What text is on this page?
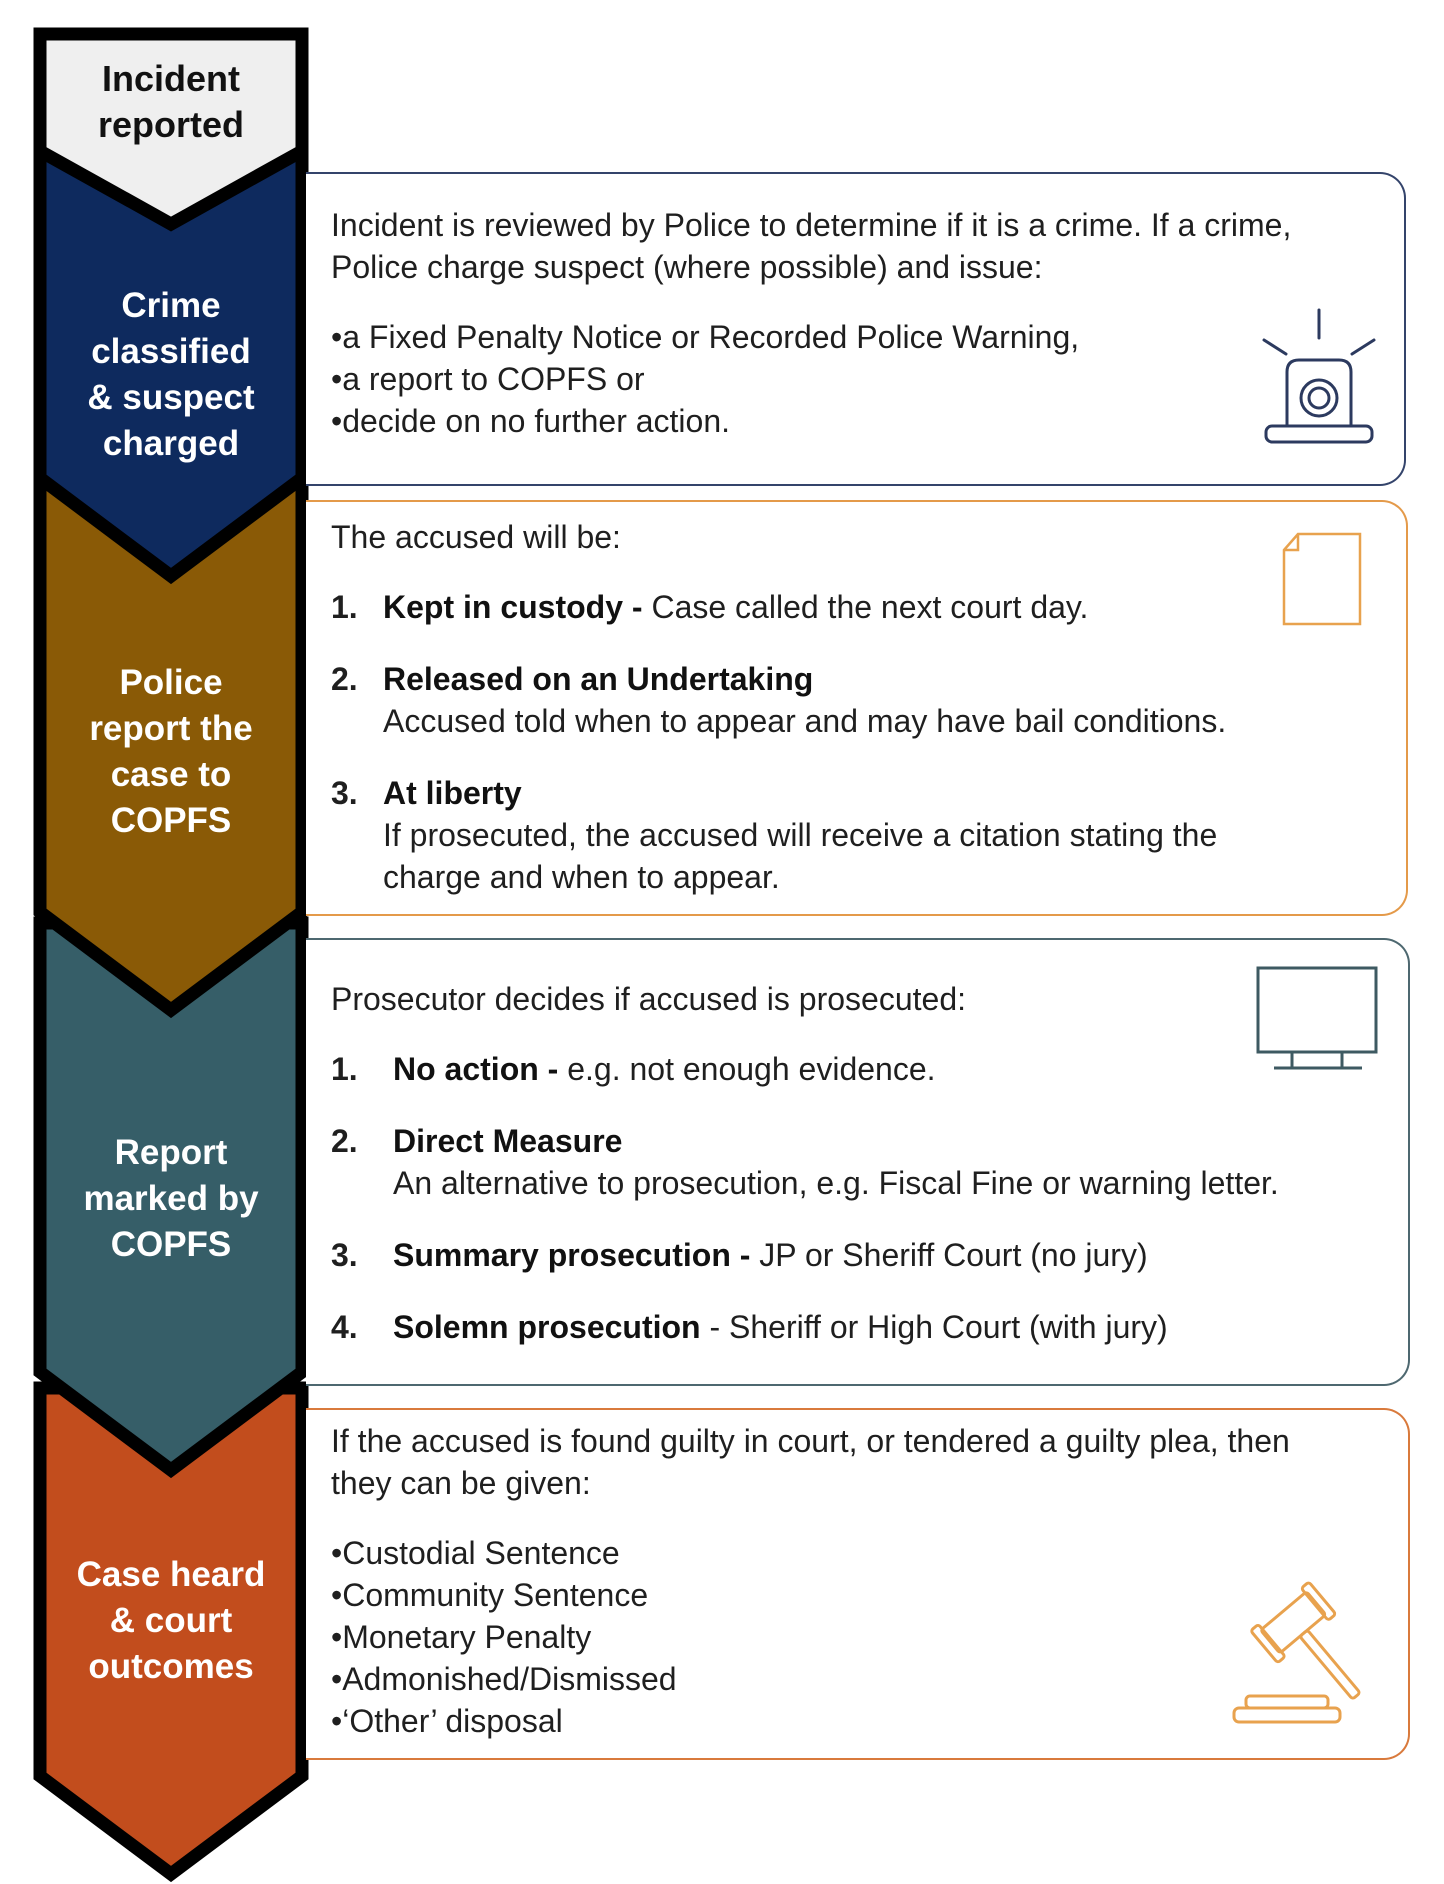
Incident
reported
Crime
classified
& suspect
charged
Police
report the
case to
COPFS
Report
marked by
COPFS
Case heard
& court
outcomes
Incident is reviewed by Police to determine if it is a crime. If a crime, Police charge suspect (where possible) and issue:
•a Fixed Penalty Notice or Recorded Police Warning,
•a report to COPFS or
•decide on no further action.
The accused will be:
1. Kept in custody - Case called the next court day.
2. Released on an Undertaking
Accused told when to appear and may have bail conditions.
3. At liberty
If prosecuted, the accused will receive a citation stating the charge and when to appear.
Prosecutor decides if accused is prosecuted:
1. No action - e.g. not enough evidence.
2. Direct Measure
An alternative to prosecution, e.g. Fiscal Fine or warning letter.
3. Summary prosecution - JP or Sheriff Court (no jury)
4. Solemn prosecution - Sheriff or High Court (with jury)
If the accused is found guilty in court, or tendered a guilty plea, then they can be given:
•Custodial Sentence
•Community Sentence
•Monetary Penalty
•Admonished/Dismissed
•‘Other’ disposal
